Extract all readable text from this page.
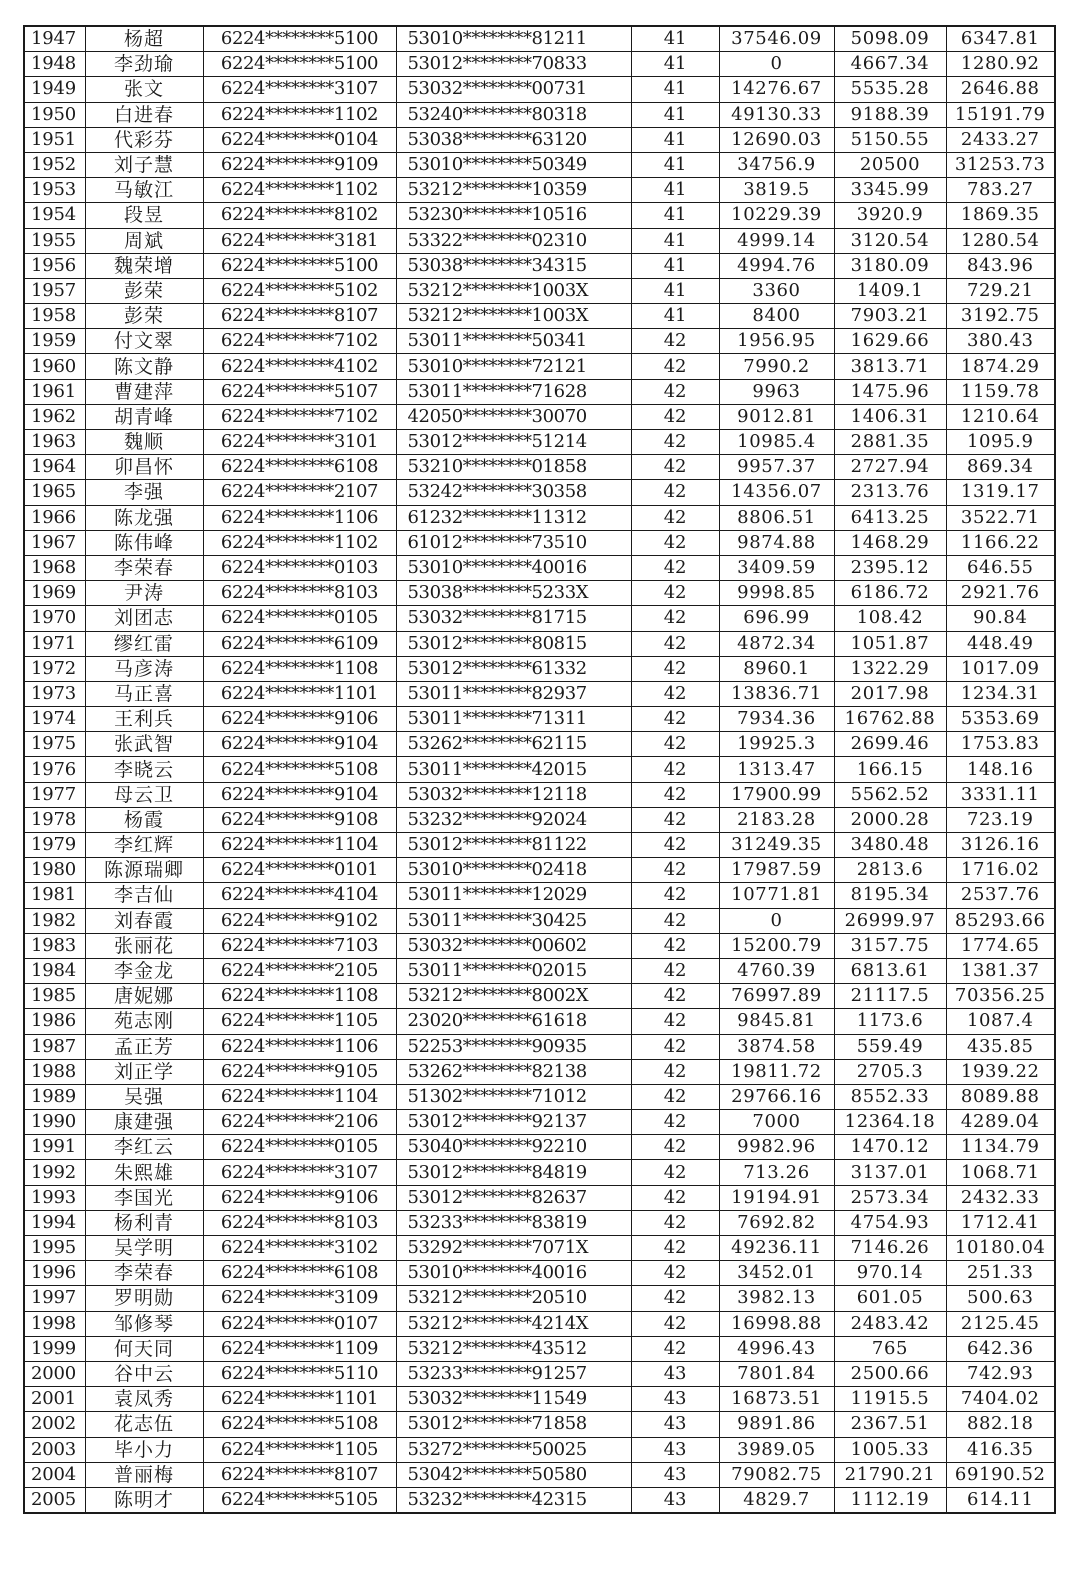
1947	杨超	6224********5100	53010********81211	41	37546.09	5098.09	6347.81
1948	李劲瑜	6224********5100	53012********70833	41	0	4667.34	1280.92
1949	张文	6224********3107	53032********00731	41	14276.67	5535.28	2646.88
1950	白进春	6224********1102	53240********80318	41	49130.33	9188.39	15191.79
1951	代彩芬	6224********0104	53038********63120	41	12690.03	5150.55	2433.27
1952	刘子慧	6224********9109	53010********50349	41	34756.9	20500	31253.73
1953	马敏江	6224********1102	53212********10359	41	3819.5	3345.99	783.27
1954	段昱	6224********8102	53230********10516	41	10229.39	3920.9	1869.35
1955	周斌	6224********3181	53322********02310	41	4999.14	3120.54	1280.54
1956	魏荣增	6224********5100	53038********34315	41	4994.76	3180.09	843.96
1957	彭荣	6224********5102	53212********1003X	41	3360	1409.1	729.21
1958	彭荣	6224********8107	53212********1003X	41	8400	7903.21	3192.75
1959	付文翠	6224********7102	53011********50341	42	1956.95	1629.66	380.43
1960	陈文静	6224********4102	53010********72121	42	7990.2	3813.71	1874.29
1961	曹建萍	6224********5107	53011********71628	42	9963	1475.96	1159.78
1962	胡青峰	6224********7102	42050********30070	42	9012.81	1406.31	1210.64
1963	魏顺	6224********3101	53012********51214	42	10985.4	2881.35	1095.9
1964	卯昌怀	6224********6108	53210********01858	42	9957.37	2727.94	869.34
1965	李强	6224********2107	53242********30358	42	14356.07	2313.76	1319.17
1966	陈龙强	6224********1106	61232********11312	42	8806.51	6413.25	3522.71
1967	陈伟峰	6224********1102	61012********73510	42	9874.88	1468.29	1166.22
1968	李荣春	6224********0103	53010********40016	42	3409.59	2395.12	646.55
1969	尹涛	6224********8103	53038********5233X	42	9998.85	6186.72	2921.76
1970	刘团志	6224********0105	53032********81715	42	696.99	108.42	90.84
1971	缪红雷	6224********6109	53012********80815	42	4872.34	1051.87	448.49
1972	马彦涛	6224********1108	53012********61332	42	8960.1	1322.29	1017.09
1973	马正喜	6224********1101	53011********82937	42	13836.71	2017.98	1234.31
1974	王利兵	6224********9106	53011********71311	42	7934.36	16762.88	5353.69
1975	张武智	6224********9104	53262********62115	42	19925.3	2699.46	1753.83
1976	李晓云	6224********5108	53011********42015	42	1313.47	166.15	148.16
1977	母云卫	6224********9104	53032********12118	42	17900.99	5562.52	3331.11
1978	杨霞	6224********9108	53232********92024	42	2183.28	2000.28	723.19
1979	李红辉	6224********1104	53012********81122	42	31249.35	3480.48	3126.16
1980	陈源瑞卿	6224********0101	53010********02418	42	17987.59	2813.6	1716.02
1981	李吉仙	6224********4104	53011********12029	42	10771.81	8195.34	2537.76
1982	刘春霞	6224********9102	53011********30425	42	0	26999.97	85293.66
1983	张丽花	6224********7103	53032********00602	42	15200.79	3157.75	1774.65
1984	李金龙	6224********2105	53011********02015	42	4760.39	6813.61	1381.37
1985	唐妮娜	6224********1108	53212********8002X	42	76997.89	21117.5	70356.25
1986	苑志刚	6224********1105	23020********61618	42	9845.81	1173.6	1087.4
1987	孟正芳	6224********1106	52253********90935	42	3874.58	559.49	435.85
1988	刘正学	6224********9105	53262********82138	42	19811.72	2705.3	1939.22
1989	吴强	6224********1104	51302********71012	42	29766.16	8552.33	8089.88
1990	康建强	6224********2106	53012********92137	42	7000	12364.18	4289.04
1991	李红云	6224********0105	53040********92210	42	9982.96	1470.12	1134.79
1992	朱熙雄	6224********3107	53012********84819	42	713.26	3137.01	1068.71
1993	李国光	6224********9106	53012********82637	42	19194.91	2573.34	2432.33
1994	杨利青	6224********8103	53233********83819	42	7692.82	4754.93	1712.41
1995	吴学明	6224********3102	53292********7071X	42	49236.11	7146.26	10180.04
1996	李荣春	6224********6108	53010********40016	42	3452.01	970.14	251.33
1997	罗明勋	6224********3109	53212********20510	42	3982.13	601.05	500.63
1998	邹修琴	6224********0107	53212********4214X	42	16998.88	2483.42	2125.45
1999	何天同	6224********1109	53212********43512	42	4996.43	765	642.36
2000	谷中云	6224********5110	53233********91257	43	7801.84	2500.66	742.93
2001	袁凤秀	6224********1101	53032********11549	43	16873.51	11915.5	7404.02
2002	花志伍	6224********5108	53012********71858	43	9891.86	2367.51	882.18
2003	毕小力	6224********1105	53272********50025	43	3989.05	1005.33	416.35
2004	普丽梅	6224********8107	53042********50580	43	79082.75	21790.21	69190.52
2005	陈明才	6224********5105	53232********42315	43	4829.7	1112.19	614.11
